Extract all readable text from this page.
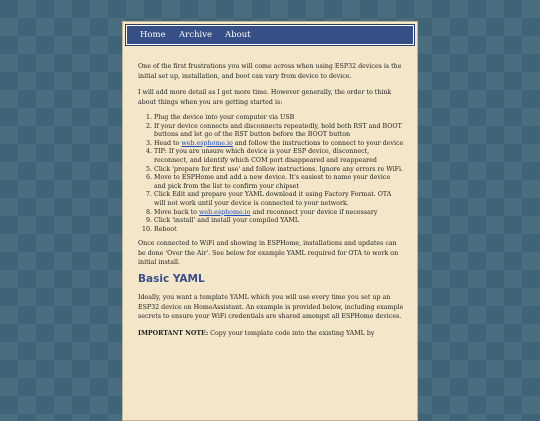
Home Archive About

One of the first frustrations you will come across when using ESP32 devices is the initial set up, installation, and boot can vary from device to device.

I will add more detail as I get more time. However generally, the order to think about things when you are getting started is:

1. Plug the device into your computer via USB
2. If your device connects and disconnects repeatedly, hold both RST and BOOT buttons and let go of the RST button before the BOOT button
3. Head to web.esphome.io and follow the instructions to connect to your device
4. TIP: If you are unsure which device is your ESP device, disconnect, reconnect, and identify which COM port disappeared and reappeared
5. Click 'prepare for first use' and follow instructions. Ignore any errors re WiFi.
6. Move to ESPHome and add a new device. It's easiest to name your device and pick from the list to confirm your chipset
7. Click Edit and prepare your YAML download it using Factory Format. OTA will not work until your device is connected to your network.
8. Move back to web.esphome.io and reconnect your device if necessary
9. Click 'install' and install your compiled YAML
10. Reboot

Once connected to WiFi and showing in ESPHome, installations and updates can be done 'Over the Air'. See below for example YAML required for OTA to work on initial install.

Basic YAML

Ideally, you want a template YAML which you will use every time you set up an ESP32 device on HomeAssistant. An example is provided below, including example secrets to ensure your WiFi credentials are shared amongst all ESPHome devices.

IMPORTANT NOTE: Copy your template code into the existing YAML by
